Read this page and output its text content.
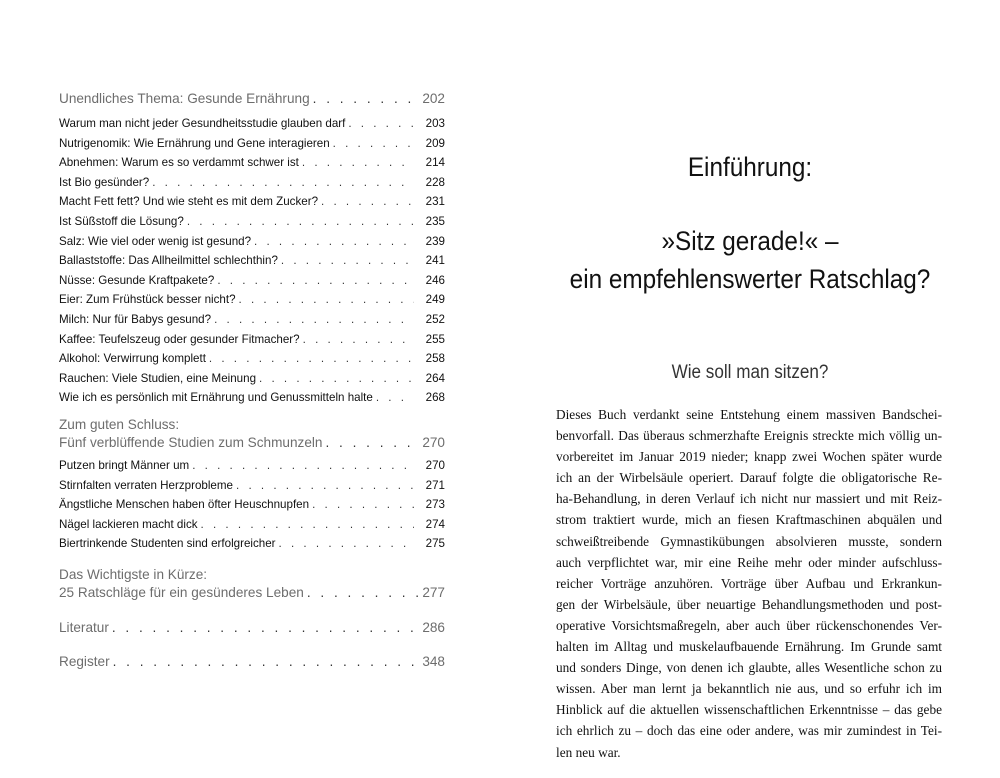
Unendliches Thema: Gesunde Ernährung . . .	202
Warum man nicht jeder Gesundheitsstudie glauben darf . . .	203
Nutrigenomik: Wie Ernährung und Gene interagieren . . .	209
Abnehmen: Warum es so verdammt schwer ist . . .	214
Ist Bio gesünder? . . .	228
Macht Fett fett? Und wie steht es mit dem Zucker? . . .	231
Ist Süßstoff die Lösung? . . .	235
Salz: Wie viel oder wenig ist gesund? . . .	239
Ballaststoffe: Das Allheilmittel schlechthin? . . .	241
Nüsse: Gesunde Kraftpakete? . . .	246
Eier: Zum Frühstück besser nicht? . . .	249
Milch: Nur für Babys gesund? . . .	252
Kaffee: Teufelszeug oder gesunder Fitmacher? . . .	255
Alkohol: Verwirrung komplett . . .	258
Rauchen: Viele Studien, eine Meinung . . .	264
Wie ich es persönlich mit Ernährung und Genussmitteln halte . . .	268
Zum guten Schluss:
Fünf verblüffende Studien zum Schmunzeln . . .	270
Putzen bringt Männer um . . .	270
Stirnfalten verraten Herzprobleme . . .	271
Ängstliche Menschen haben öfter Heuschnupfen . . .	273
Nägel lackieren macht dick . . .	274
Biertrinkende Studenten sind erfolgreicher . . .	275
Das Wichtigste in Kürze:
25 Ratschläge für ein gesünderes Leben . . .	277
Literatur . . .	286
Register . . .	348
Einführung:
»Sitz gerade!« –
ein empfehlenswerter Ratschlag?
Wie soll man sitzen?
Dieses Buch verdankt seine Entstehung einem massiven Bandschei-
benvorfall. Das überaus schmerzhafte Ereignis streckte mich völlig un-
vorbereitet im Januar 2019 nieder; knapp zwei Wochen später wurde
ich an der Wirbelsäule operiert. Darauf folgte die obligatorische Re-
ha-Behandlung, in deren Verlauf ich nicht nur massiert und mit Reiz-
strom traktiert wurde, mich an fiesen Kraftmaschinen abquälen und
schweißtreibende Gymnastikübungen absolvieren musste, sondern
auch verpflichtet war, mir eine Reihe mehr oder minder aufschluss-
reicher Vorträge anzuhören. Vorträge über Aufbau und Erkrankun-
gen der Wirbelsäule, über neuartige Behandlungsmethoden und post-
operative Vorsichtsmaßregeln, aber auch über rückenschonendes Ver-
halten im Alltag und muskelaufbauende Ernährung. Im Grunde samt
und sonders Dinge, von denen ich glaubte, alles Wesentliche schon zu
wissen. Aber man lernt ja bekanntlich nie aus, und so erfuhr ich im
Hinblick auf die aktuellen wissenschaftlichen Erkenntnisse – das gebe
ich ehrlich zu – doch das eine oder andere, was mir zumindest in Tei-
len neu war.
